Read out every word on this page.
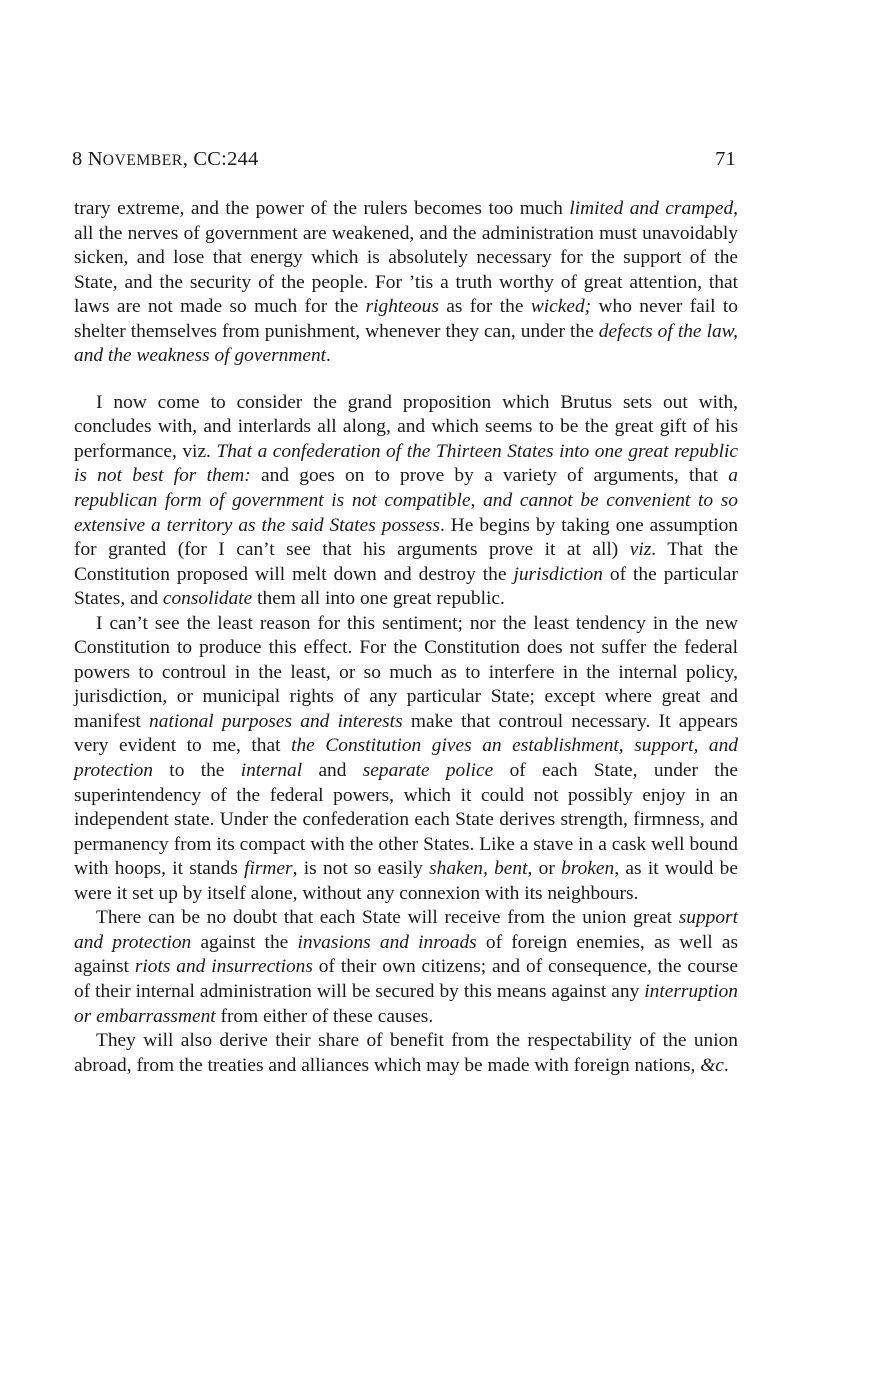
8 NOVEMBER, CC:244	71

trary extreme, and the power of the rulers becomes too much limited and cramped, all the nerves of government are weakened, and the administration must unavoidably sicken, and lose that energy which is absolutely necessary for the support of the State, and the security of the people. For ’tis a truth worthy of great attention, that laws are not made so much for the righteous as for the wicked; who never fail to shelter themselves from punishment, whenever they can, under the defects of the law, and the weakness of government.

I now come to consider the grand proposition which Brutus sets out with, concludes with, and interlards all along, and which seems to be the great gift of his performance, viz. That a confederation of the Thirteen States into one great republic is not best for them: and goes on to prove by a variety of arguments, that a republican form of government is not compatible, and cannot be convenient to so extensive a territory as the said States possess. He begins by taking one assumption for granted (for I can’t see that his arguments prove it at all) viz. That the Constitution proposed will melt down and destroy the jurisdiction of the particular States, and consolidate them all into one great republic.

I can’t see the least reason for this sentiment; nor the least tendency in the new Constitution to produce this effect. For the Constitution does not suffer the federal powers to controul in the least, or so much as to interfere in the internal policy, jurisdiction, or municipal rights of any particular State; except where great and manifest national purposes and interests make that controul necessary. It appears very evident to me, that the Constitution gives an establishment, support, and protection to the internal and separate police of each State, under the superintendency of the federal powers, which it could not possibly enjoy in an independent state. Under the confederation each State derives strength, firmness, and permanency from its compact with the other States. Like a stave in a cask well bound with hoops, it stands firmer, is not so easily shaken, bent, or broken, as it would be were it set up by itself alone, without any connexion with its neighbours.

There can be no doubt that each State will receive from the union great support and protection against the invasions and inroads of foreign enemies, as well as against riots and insurrections of their own citizens; and of consequence, the course of their internal administration will be secured by this means against any interruption or embarrassment from either of these causes.

They will also derive their share of benefit from the respectability of the union abroad, from the treaties and alliances which may be made with foreign nations, &c.
